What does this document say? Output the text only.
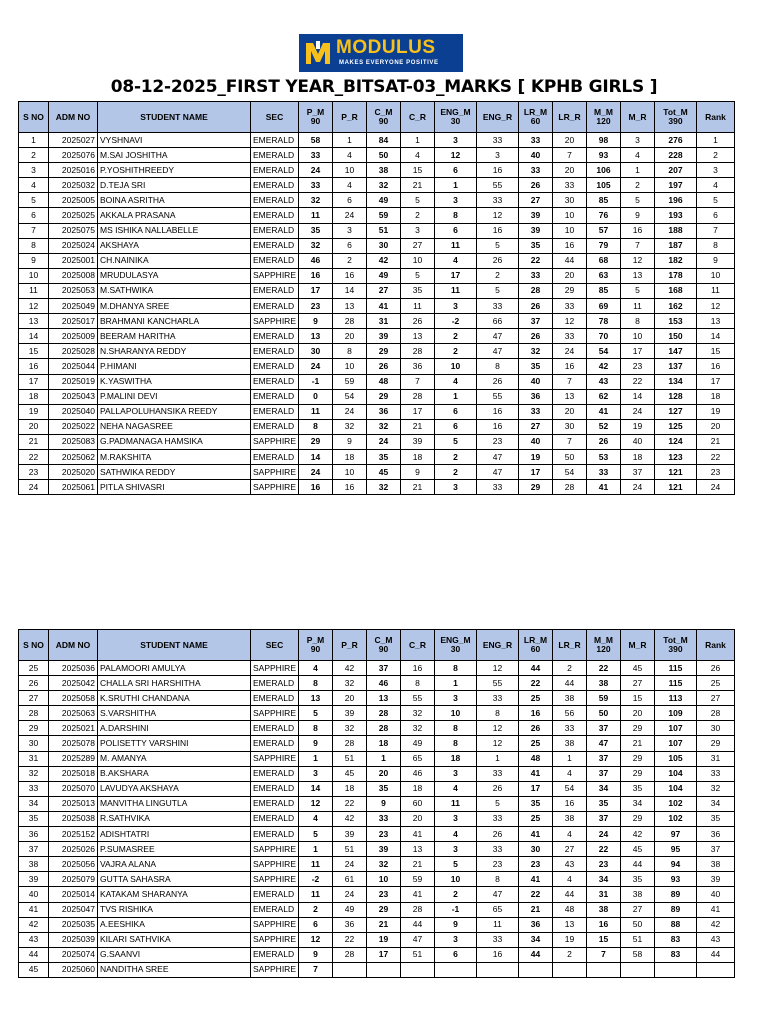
MODULUS
MAKES EVERYONE POSITIVE
08-12-2025_FIRST YEAR_BITSAT-03_MARKS [ KPHB GIRLS ]
S NO	ADM NO	STUDENT NAME	SEC	P_M 90	P_R	C_M 90	C_R	ENG_M 30	ENG_R	LR_M 60	LR_R	M_M 120	M_R	Tot_M 390	Rank
1	2025027	VYSHNAVI	EMERALD	58	1	84	1	3	33	33	20	98	3	276	1
2	2025076	M.SAI JOSHITHA	EMERALD	33	4	50	4	12	3	40	7	93	4	228	2
3	2025016	P.YOSHITHREEDY	EMERALD	24	10	38	15	6	16	33	20	106	1	207	3
4	2025032	D.TEJA SRI	EMERALD	33	4	32	21	1	55	26	33	105	2	197	4
5	2025005	BOINA ASRITHA	EMERALD	32	6	49	5	3	33	27	30	85	5	196	5
6	2025025	AKKALA PRASANA	EMERALD	11	24	59	2	8	12	39	10	76	9	193	6
7	2025075	MS ISHIKA NALLABELLE	EMERALD	35	3	51	3	6	16	39	10	57	16	188	7
8	2025024	AKSHAYA	EMERALD	32	6	30	27	11	5	35	16	79	7	187	8
9	2025001	CH.NAINIKA	EMERALD	46	2	42	10	4	26	22	44	68	12	182	9
10	2025008	MRUDULASYA	SAPPHIRE	16	16	49	5	17	2	33	20	63	13	178	10
11	2025053	M.SATHWIKA	EMERALD	17	14	27	35	11	5	28	29	85	5	168	11
12	2025049	M.DHANYA SREE	EMERALD	23	13	41	11	3	33	26	33	69	11	162	12
13	2025017	BRAHMANI KANCHARLA	SAPPHIRE	9	28	31	26	-2	66	37	12	78	8	153	13
14	2025009	BEERAM HARITHA	EMERALD	13	20	39	13	2	47	26	33	70	10	150	14
15	2025028	N.SHARANYA REDDY	EMERALD	30	8	29	28	2	47	32	24	54	17	147	15
16	2025044	P.HIMANI	EMERALD	24	10	26	36	10	8	35	16	42	23	137	16
17	2025019	K.YASWITHA	EMERALD	-1	59	48	7	4	26	40	7	43	22	134	17
18	2025043	P.MALINI DEVI	EMERALD	0	54	29	28	1	55	36	13	62	14	128	18
19	2025040	PALLAPOLUHANSIKA REEDY	EMERALD	11	24	36	17	6	16	33	20	41	24	127	19
20	2025022	NEHA NAGASREE	EMERALD	8	32	32	21	6	16	27	30	52	19	125	20
21	2025083	G.PADMANAGA HAMSIKA	SAPPHIRE	29	9	24	39	5	23	40	7	26	40	124	21
22	2025062	M.RAKSHITA	EMERALD	14	18	35	18	2	47	19	50	53	18	123	22
23	2025020	SATHWIKA REDDY	SAPPHIRE	24	10	45	9	2	47	17	54	33	37	121	23
24	2025061	PITLA SHIVASRI	SAPPHIRE	16	16	32	21	3	33	29	28	41	24	121	24
S NO	ADM NO	STUDENT NAME	SEC	P_M 90	P_R	C_M 90	C_R	ENG_M 30	ENG_R	LR_M 60	LR_R	M_M 120	M_R	Tot_M 390	Rank
25	2025036	PALAMOORI AMULYA	SAPPHIRE	4	42	37	16	8	12	44	2	22	45	115	26
26	2025042	CHALLA SRI HARSHITHA	EMERALD	8	32	46	8	1	55	22	44	38	27	115	25
27	2025058	K.SRUTHI CHANDANA	EMERALD	13	20	13	55	3	33	25	38	59	15	113	27
28	2025063	S.VARSHITHA	SAPPHIRE	5	39	28	32	10	8	16	56	50	20	109	28
29	2025021	A.DARSHINI	EMERALD	8	32	28	32	8	12	26	33	37	29	107	30
30	2025078	POLISETTY VARSHINI	EMERALD	9	28	18	49	8	12	25	38	47	21	107	29
31	2025289	M. AMANYA	SAPPHIRE	1	51	1	65	18	1	48	1	37	29	105	31
32	2025018	B.AKSHARA	EMERALD	3	45	20	46	3	33	41	4	37	29	104	33
33	2025070	LAVUDYA AKSHAYA	EMERALD	14	18	35	18	4	26	17	54	34	35	104	32
34	2025013	MANVITHA LINGUTLA	EMERALD	12	22	9	60	11	5	35	16	35	34	102	34
35	2025038	R.SATHVIKA	EMERALD	4	42	33	20	3	33	25	38	37	29	102	35
36	2025152	ADISHTATRI	EMERALD	5	39	23	41	4	26	41	4	24	42	97	36
37	2025026	P.SUMASREE	SAPPHIRE	1	51	39	13	3	33	30	27	22	45	95	37
38	2025056	VAJRA ALANA	SAPPHIRE	11	24	32	21	5	23	23	43	23	44	94	38
39	2025079	GUTTA SAHASRA	SAPPHIRE	-2	61	10	59	10	8	41	4	34	35	93	39
40	2025014	KATAKAM SHARANYA	EMERALD	11	24	23	41	2	47	22	44	31	38	89	40
41	2025047	TVS RISHIKA	EMERALD	2	49	29	28	-1	65	21	48	38	27	89	41
42	2025035	A.EESHIKA	SAPPHIRE	6	36	21	44	9	11	36	13	16	50	88	42
43	2025039	KILARI SATHVIKA	SAPPHIRE	12	22	19	47	3	33	34	19	15	51	83	43
44	2025074	G.SAANVI	EMERALD	9	28	17	51	6	16	44	2	7	58	83	44
45	2025060	NANDITHA SREE	SAPPHIRE	7											
